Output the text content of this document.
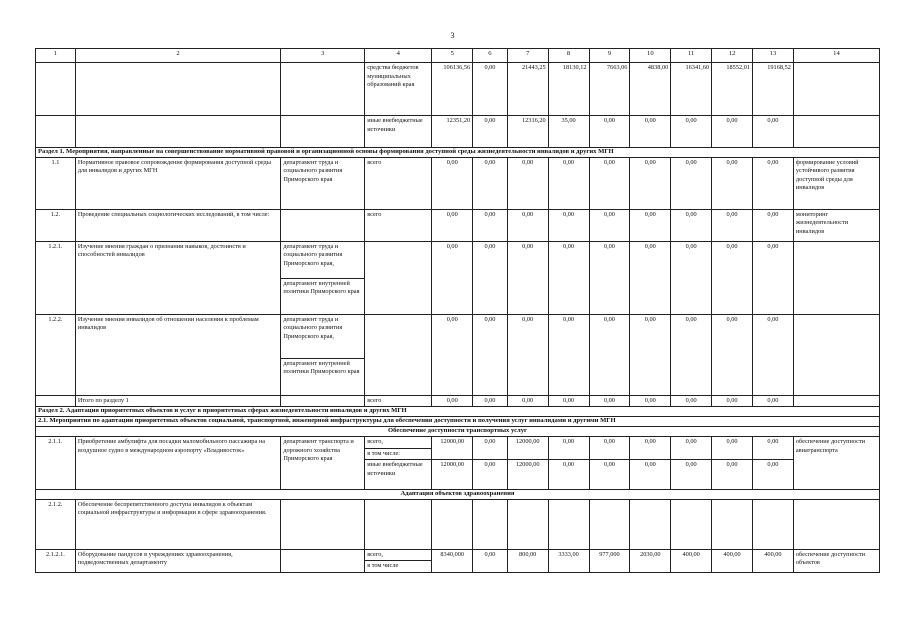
3
1	2	3	4	5	6	7	8	9	10	11	12	13	14
			средства бюджетов муниципальных образований края	106136,56	0,00	21443,25	18130,12	7663,06	4838,00	16341,60	18552,01	19168,52	
			иные внебюджетные источники	12351,20	0,00	12316,20	35,00	0,00	0,00	0,00	0,00	0,00	
Раздел 1. Мероприятия, направленные на совершенствование нормативной правовой и организационной основы формирования доступной среды жизнедеятельности инвалидов и других МГН													
1.1	Нормативное правовое сопровождение формирования доступной среды для инвалидов и других МГН	департамент труда и социального развития Приморского края	всего	0,00	0,00	0,00	0,00	0,00	0,00	0,00	0,00	0,00	формирование условий устойчивого развития доступной среды для инвалидов
1.2.	Проведение специальных социологических исследований, в том числе:		всего	0,00	0,00	0,00	0,00	0,00	0,00	0,00	0,00	0,00	мониторинг жизнедеятельности инвалидов
1.2.1.	Изучение мнения граждан о признании навыков, достоинств и способностей инвалидов	департамент труда и социального развития Приморского края,		0,00	0,00	0,00	0,00	0,00	0,00	0,00	0,00	0,00	
		департамент внутренней политики Приморского края											
1.2.2.	Изучение мнения инвалидов об отношении населения к проблемам инвалидов	департамент труда и социального развития Приморского края,		0,00	0,00	0,00	0,00	0,00	0,00	0,00	0,00	0,00	
		департамент внутренней политики Приморского края											
	Итого по разделу 1		всего	0,00	0,00	0,00	0,00	0,00	0,00	0,00	0,00	0,00	
Раздел 2. Адаптация приоритетных объектов и услуг в приоритетных сферах жизнедеятельности инвалидов и других МГН													
2.1. Мероприятия по адаптации приоритетных объектов социальной, транспортной, инженерной инфраструктуры для обеспечения доступности и получения услуг инвалидами и другими МГН													
Обеспечение доступности транспортных услуг													
2.1.1.	Приобретение амбулифта для посадки маломобильного пассажира на воздушное судно в международном аэропорту «Владивосток»	департамент транспорта и дорожного хозяйства Приморского края	всего,	12000,00	0,00	12000,00	0,00	0,00	0,00	0,00	0,00	0,00	обеспечение доступности авиатранспорта
			в том числе:										
			иные внебюджетные источники	12000,00	0,00	12000,00	0,00	0,00	0,00	0,00	0,00	0,00	
Адаптация объектов здравоохранения													
2.1.2.	Обеспечение беспрепятственного доступа инвалидов к объектам социальной инфраструктуры и информации в сфере здравоохранения.												
2.1.2.1.	Оборудование пандусов в учреждениях здравоохранения, подведомственных департаменту		всего,	8340,000	0,00	800,00	3333,00	977,000	2030,00	400,00	400,00	400,00	обеспечение доступности объектов
			в том числе										
